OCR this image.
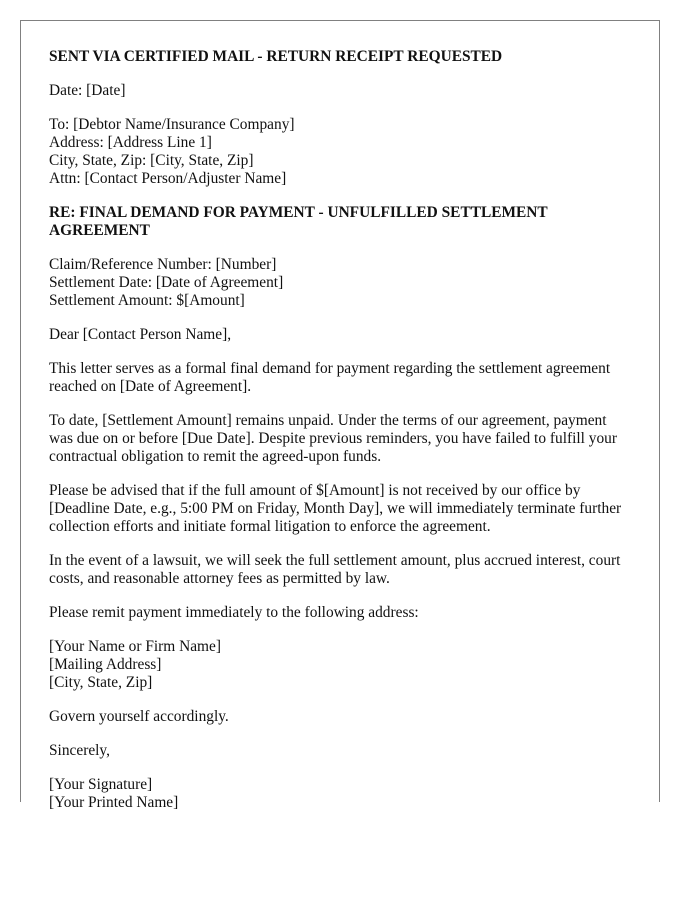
SENT VIA CERTIFIED MAIL - RETURN RECEIPT REQUESTED

Date: [Date]

To: [Debtor Name/Insurance Company]
Address: [Address Line 1]
City, State, Zip: [City, State, Zip]
Attn: [Contact Person/Adjuster Name]

RE: FINAL DEMAND FOR PAYMENT - UNFULFILLED SETTLEMENT AGREEMENT

Claim/Reference Number: [Number]
Settlement Date: [Date of Agreement]
Settlement Amount: $[Amount]

Dear [Contact Person Name],

This letter serves as a formal final demand for payment regarding the settlement agreement reached on [Date of Agreement].

To date, [Settlement Amount] remains unpaid. Under the terms of our agreement, payment was due on or before [Due Date]. Despite previous reminders, you have failed to fulfill your contractual obligation to remit the agreed-upon funds.

Please be advised that if the full amount of $[Amount] is not received by our office by [Deadline Date, e.g., 5:00 PM on Friday, Month Day], we will immediately terminate further collection efforts and initiate formal litigation to enforce the agreement.

In the event of a lawsuit, we will seek the full settlement amount, plus accrued interest, court costs, and reasonable attorney fees as permitted by law.

Please remit payment immediately to the following address:

[Your Name or Firm Name]
[Mailing Address]
[City, State, Zip]

Govern yourself accordingly.

Sincerely,

[Your Signature]
[Your Printed Name]
